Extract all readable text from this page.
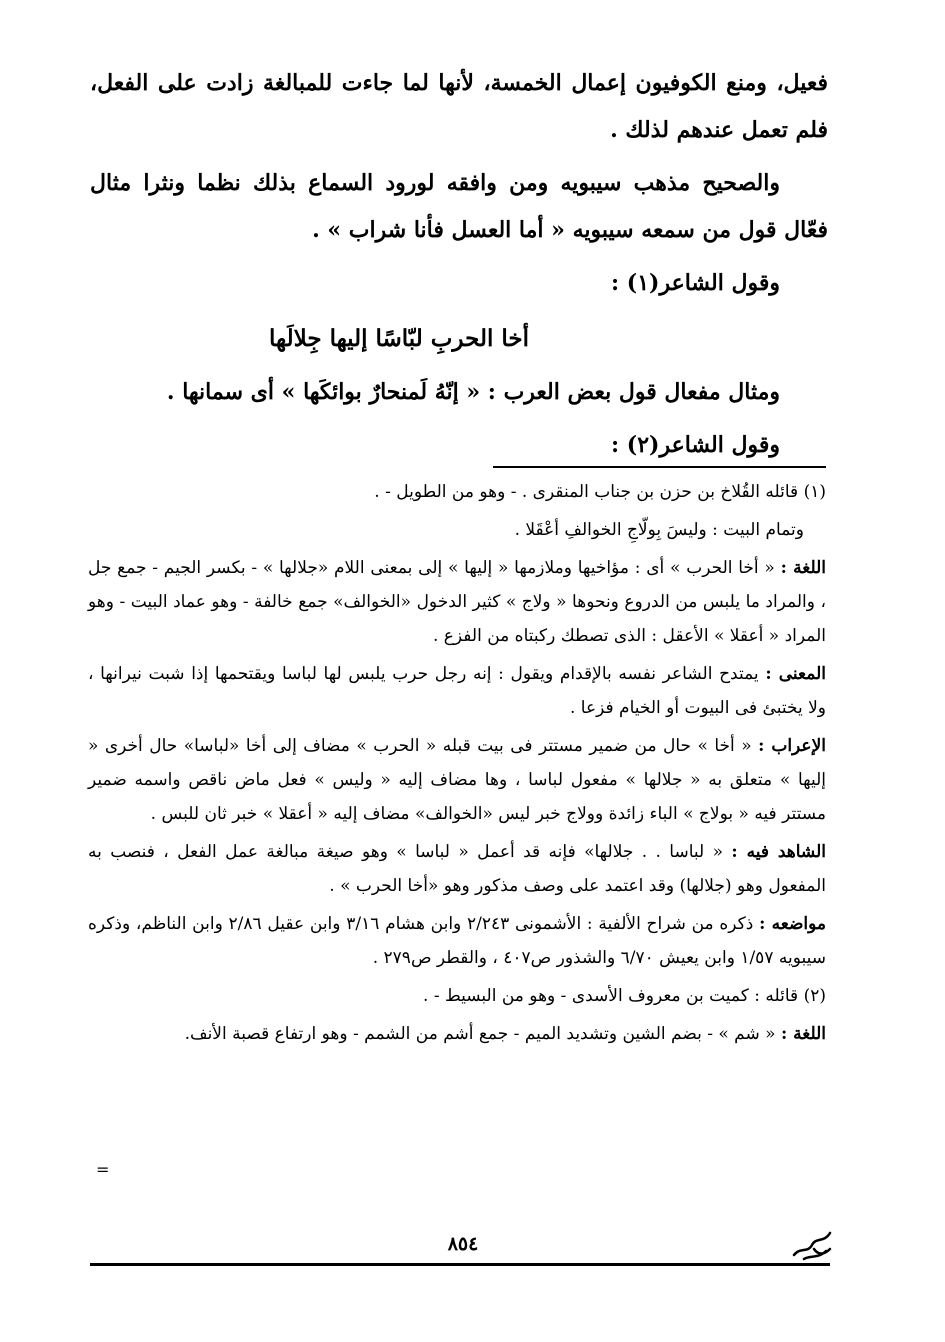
فعيل، ومنع الكوفيون إعمال الخمسة، لأنها لما جاءت للمبالغة زادت على الفعل، فلم تعمل عندهم لذلك .

والصحيح مذهب سيبويه ومن وافقه لورود السماع بذلك نظما ونثرا مثال فعّال قول من سمعه سيبويه « أما العسل فأنا شراب » .

وقول الشاعر(١) :

أخا الحربِ لبّاسًا إليها جِلالَها

ومثال مفعال قول بعض العرب : « إنّهُ لَمنحارٌ بوائكَها » أى سمانها .

وقول الشاعر(٢) :

(١) قائله القُلاخ بن حزن بن جناب المنقرى . - وهو من الطويل - .

وتمام البيت : وليسَ بِولّاجِ الخوالفِ أعْقَلا .

اللغة : « أخا الحرب » أى : مؤاخيها وملازمها « إليها » إلى بمعنى اللام «جلالها » - بكسر الجيم - جمع جل ، والمراد ما يلبس من الدروع ونحوها « ولاج » كثير الدخول «الخوالف» جمع خالفة - وهو عماد البيت - وهو المراد « أعقلا » الأعقل : الذى تصطك ركبتاه من الفزع .

المعنى : يمتدح الشاعر نفسه بالإقدام ويقول : إنه رجل حرب يلبس لها لباسا ويقتحمها إذا شبت نيرانها ، ولا يختبئ فى البيوت أو الخيام فزعا .

الإعراب : « أخا » حال من ضمير مستتر فى بيت قبله « الحرب » مضاف إلى أخا «لباسا» حال أخرى « إليها » متعلق به « جلالها » مفعول لباسا ، وها مضاف إليه « وليس » فعل ماض ناقص واسمه ضمير مستتر فيه « بولاج » الباء زائدة وولاج خبر ليس «الخوالف» مضاف إليه « أعقلا » خبر ثان للبس .

الشاهد فيه : « لباسا . . جلالها» فإنه قد أعمل « لباسا » وهو صيغة مبالغة عمل الفعل ، فنصب به المفعول وهو (جلالها) وقد اعتمد على وصف مذكور وهو «أخا الحرب » .

مواضعه : ذكره من شراح الألفية : الأشمونى ٢/٢٤٣ وابن هشام ٣/١٦ وابن عقيل ٢/٨٦ وابن الناظم، وذكره سيبويه ١/٥٧ وابن يعيش ٦/٧٠ والشذور ص٤٠٧ ، والقطر ص٢٧٩ .

(٢) قائله : كميت بن معروف الأسدى - وهو من البسيط - .

اللغة : « شم » - بضم الشين وتشديد الميم - جمع أشم من الشمم - وهو ارتفاع قصبة الأنف.

=
٨٥٤
